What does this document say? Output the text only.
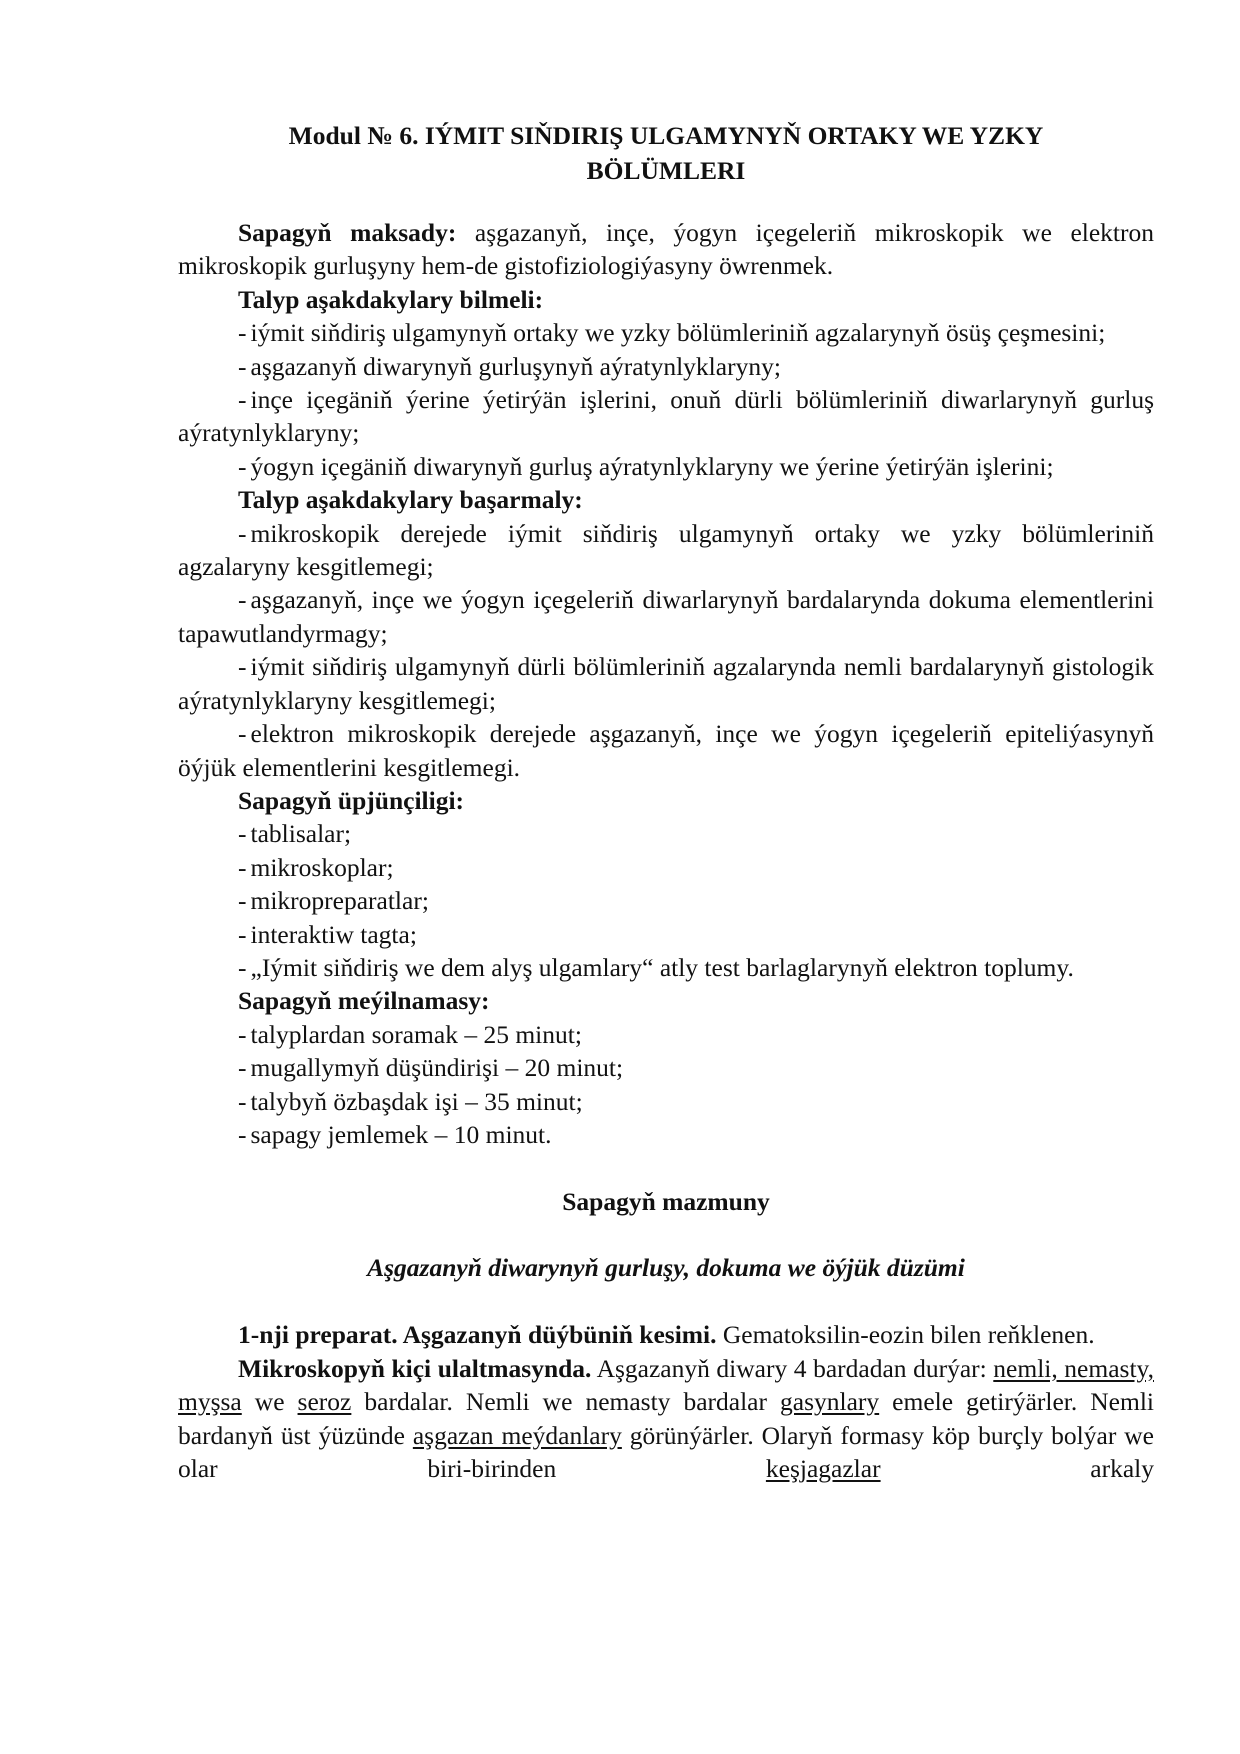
Modul № 6. IÝMIT SIŇDIRIŞ ULGAMYNYŇ ORTAKY WE YZKY
BÖLÜMLERI

Sapagyň maksady: aşgazanyň, inçe, ýogyn içegeleriň mikroskopik we elektron mikroskopik gurluşyny hem-de gistofiziologiýasyny öwrenmek.

Talyp aşakdakylary bilmeli:

- iýmit siňdiriş ulgamynyň ortaky we yzky bölümleriniň agzalarynyň ösüş çeşmesini;

- aşgazanyň diwarynyň gurluşynyň aýratynlyklaryny;

- inçe içegäniň ýerine ýetirýän işlerini, onuň dürli bölümleriniň diwarlarynyň gurluş aýratynlyklaryny;

- ýogyn içegäniň diwarynyň gurluş aýratynlyklaryny we ýerine ýetirýän işlerini;

Talyp aşakdakylary başarmaly:

- mikroskopik derejede iýmit siňdiriş ulgamynyň ortaky we yzky bölümleriniň agzalaryny kesgitlemegi;

- aşgazanyň, inçe we ýogyn içegeleriň diwarlarynyň bardalarynda dokuma elementlerini tapawutlandyrmagy;

- iýmit siňdiriş ulgamynyň dürli bölümleriniň agzalarynda nemli bardalarynyň gistologik aýratynlyklaryny kesgitlemegi;

- elektron mikroskopik derejede aşgazanyň, inçe we ýogyn içegeleriň epiteliýasynyň öýjük elementlerini kesgitlemegi.

Sapagyň üpjünçiligi:

- tablisalar;

- mikroskoplar;

- mikropreparatlar;

- interaktiw tagta;

- „Iýmit siňdiriş we dem alyş ulgamlary“ atly test barlaglarynyň elektron toplumy.

Sapagyň meýilnamasy:

- talyplardan soramak – 25 minut;

- mugallymyň düşündirişi – 20 minut;

- talybyň özbaşdak işi – 35 minut;

- sapagy jemlemek – 10 minut.

Sapagyň mazmuny
Aşgazanyň diwarynyň gurluşy, dokuma we öýjük düzümi

1-nji preparat. Aşgazanyň düýbüniň kesimi. Gematoksilin-eozin bilen reňklenen.

Mikroskopyň kiçi ulaltmasynda. Aşgazanyň diwary 4 bardadan durýar: nemli, nemasty, myşsa we seroz bardalar. Nemli we nemasty bardalar gasynlary emele getirýärler. Nemli bardanyň üst ýüzünde aşgazan meýdanlary görünýärler. Olaryň formasy köp burçly bolýar we olar biri-birinden keşjagazlar arkaly
